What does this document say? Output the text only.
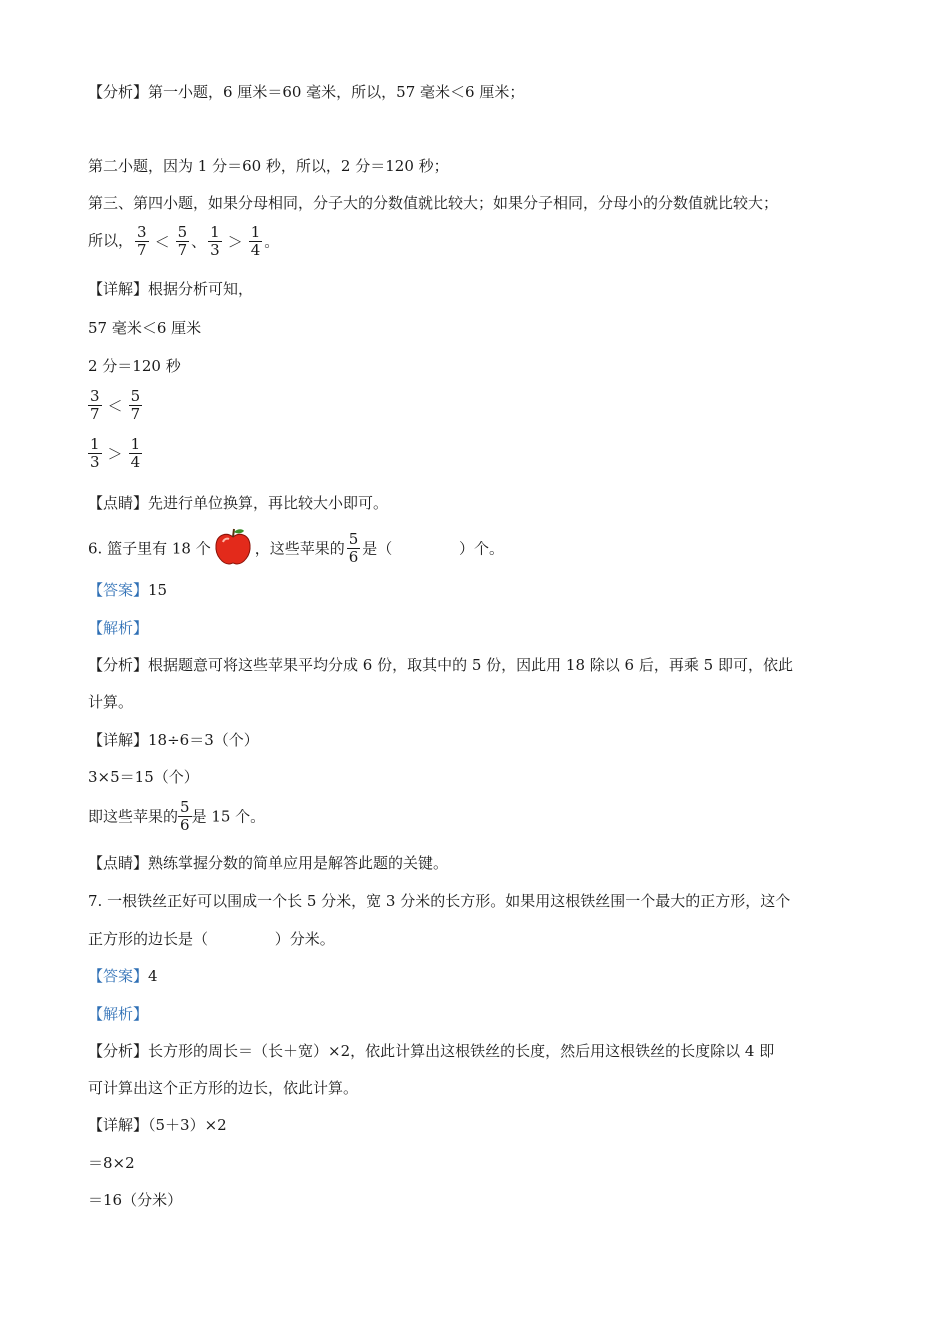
【分析】第一小题，6 厘米＝60 毫米，所以，57 毫米＜6 厘米；
第二小题，因为 1 分＝60 秒，所以，2 分＝120 秒；
第三、第四小题，如果分母相同，分子大的分数值就比较大；如果分子相同，分母小的分数值就比较大；
所以， $\frac{3}{7} < \frac{5}{7}$ 、 $\frac{1}{3} > \frac{1}{4}$ 。
【详解】根据分析可知，
57 毫米＜6 厘米
2 分＝120 秒
$\frac{3}{7} < \frac{5}{7}$
$\frac{1}{3} > \frac{1}{4}$
【点睛】先进行单位换算，再比较大小即可。
6. 篮子里有 18 个	，这些苹果的 $\frac{5}{6}$ 是（              ）个。
【答案】15
【解析】
【分析】根据题意可将这些苹果平均分成 6 份，取其中的 5 份，因此用 18 除以 6 后，再乘 5 即可，依此
计算。
【详解】18÷6＝3（个）
3×5＝15（个）
即这些苹果的 $\frac{5}{6}$ 是 15 个。
【点睛】熟练掌握分数的简单应用是解答此题的关键。
7. 一根铁丝正好可以围成一个长 5 分米，宽 3 分米的长方形。如果用这根铁丝围一个最大的正方形，这个
正方形的边长是（              ）分米。
【答案】4
【解析】
【分析】长方形的周长＝（长＋宽）×2，依此计算出这根铁丝的长度，然后用这根铁丝的长度除以 4 即
可计算出这个正方形的边长，依此计算。
【详解】（5＋3）×2
＝8×2
＝16（分米）
